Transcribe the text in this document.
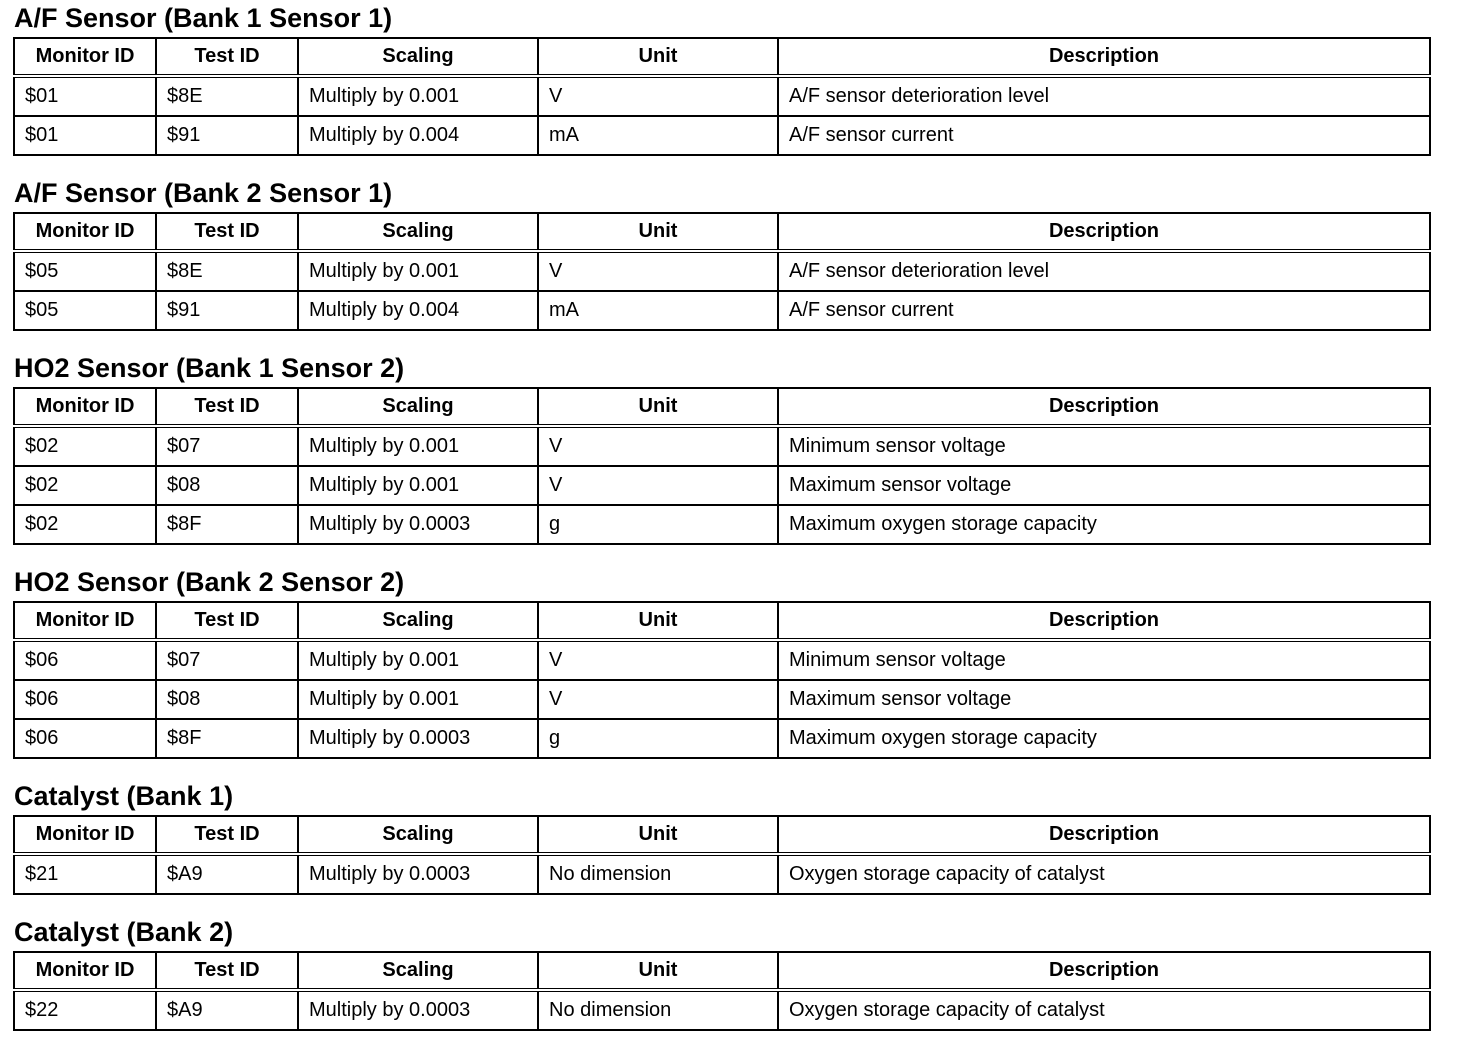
A/F Sensor (Bank 1 Sensor 1)
Monitor ID	Test ID	Scaling	Unit	Description
$01	$8E	Multiply by 0.001	V	A/F sensor deterioration level
$01	$91	Multiply by 0.004	mA	A/F sensor current
A/F Sensor (Bank 2 Sensor 1)
Monitor ID	Test ID	Scaling	Unit	Description
$05	$8E	Multiply by 0.001	V	A/F sensor deterioration level
$05	$91	Multiply by 0.004	mA	A/F sensor current
HO2 Sensor (Bank 1 Sensor 2)
Monitor ID	Test ID	Scaling	Unit	Description
$02	$07	Multiply by 0.001	V	Minimum sensor voltage
$02	$08	Multiply by 0.001	V	Maximum sensor voltage
$02	$8F	Multiply by 0.0003	g	Maximum oxygen storage capacity
HO2 Sensor (Bank 2 Sensor 2)
Monitor ID	Test ID	Scaling	Unit	Description
$06	$07	Multiply by 0.001	V	Minimum sensor voltage
$06	$08	Multiply by 0.001	V	Maximum sensor voltage
$06	$8F	Multiply by 0.0003	g	Maximum oxygen storage capacity
Catalyst (Bank 1)
Monitor ID	Test ID	Scaling	Unit	Description
$21	$A9	Multiply by 0.0003	No dimension	Oxygen storage capacity of catalyst
Catalyst (Bank 2)
Monitor ID	Test ID	Scaling	Unit	Description
$22	$A9	Multiply by 0.0003	No dimension	Oxygen storage capacity of catalyst
